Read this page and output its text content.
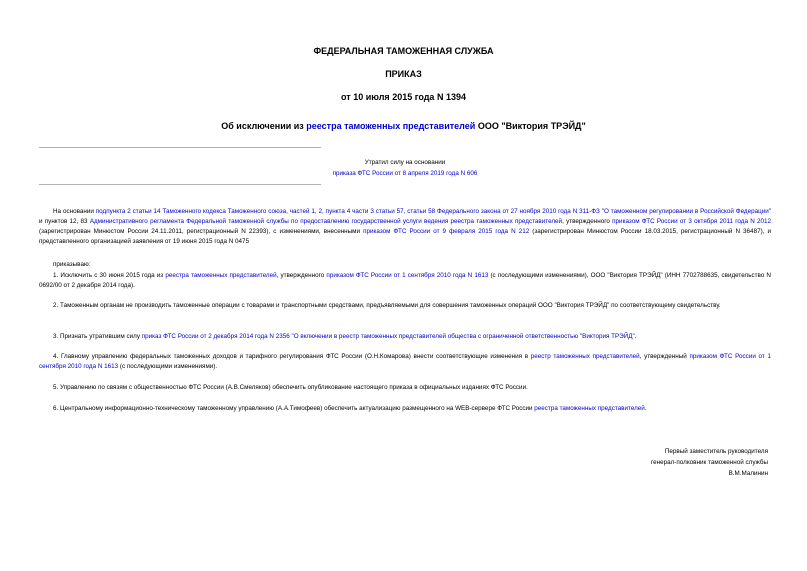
ФЕДЕРАЛЬНАЯ ТАМОЖЕННАЯ СЛУЖБА
ПРИКАЗ
от 10 июля 2015 года N 1394
Об исключении из реестра таможенных представителей ООО "Виктория ТРЭЙД"
Утратил силу на основании
приказа ФТС России от 8 апреля 2019 года N 606
На основании подпункта 2 статьи 14 Таможенного кодекса Таможенного союза, частей 1, 2, пункта 4 части 3 статьи 57, статьи 58 Федерального закона от 27 ноября 2010 года N 311-ФЗ "О таможенном регулировании в Российской Федерации" и пунктов 12, 83 Административного регламента Федеральной таможенной службы по предоставлению государственной услуги ведения реестра таможенных представителей, утвержденного приказом ФТС России от 3 октября 2011 года N 2012 (зарегистрирован Минюстом России 24.11.2011, регистрационный N 22393), с изменениями, внесенными приказом ФТС России от 9 февраля 2015 года N 212 (зарегистрирован Минюстом России 18.03.2015, регистрационный N 36487), и представленного организацией заявления от 19 июня 2015 года N 0475
приказываю:
1. Исключить с 30 июня 2015 года из реестра таможенных представителей, утвержденного приказом ФТС России от 1 сентября 2010 года N 1613 (с последующими изменениями), ООО "Виктория ТРЭЙД" (ИНН 7702788635, свидетельство N 0692/00 от 2 декабря 2014 года).
2. Таможенным органам не производить таможенные операции с товарами и транспортными средствами, предъявляемыми для совершения таможенных операций ООО "Виктория ТРЭЙД" по соответствующему свидетельству.
3. Признать утратившим силу приказ ФТС России от 2 декабря 2014 года N 2356 "О включении в реестр таможенных представителей общества с ограниченной ответственностью "Виктория ТРЭЙД".
4. Главному управлению федеральных таможенных доходов и тарифного регулирования ФТС России (О.Н.Комарова) внести соответствующие изменения в реестр таможенных представителей, утвержденный приказом ФТС России от 1 сентября 2010 года N 1613 (с последующими изменениями).
5. Управлению по связям с общественностью ФТС России (А.В.Смеляков) обеспечить опубликование настоящего приказа в официальных изданиях ФТС России.
6. Центральному информационно-техническому таможенному управлению (А.А.Тимофеев) обеспечить актуализацию размещенного на WEB-сервере ФТС России реестра таможенных представителей.
Первый заместитель руководителя
генерал-полковник таможенной службы
В.М.Малинин
